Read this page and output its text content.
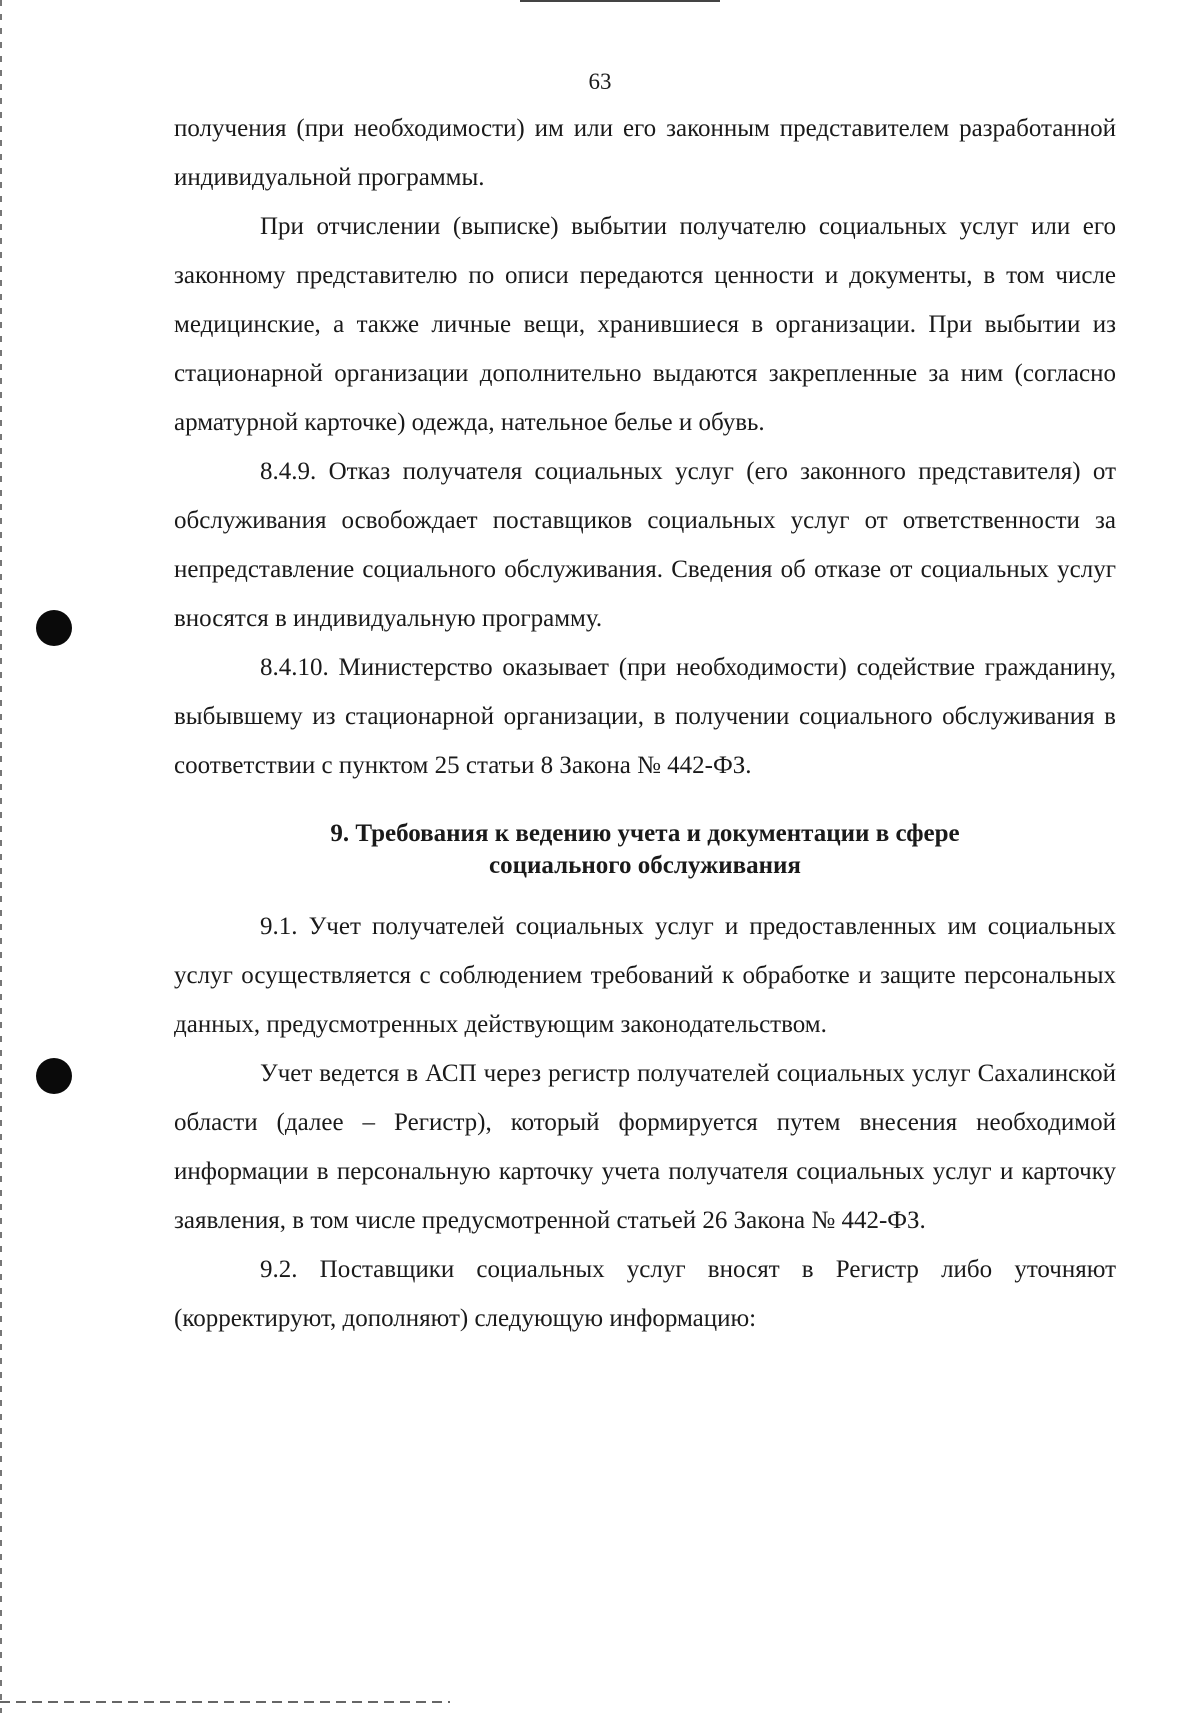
63

получения (при необходимости) им или его законным представителем разработанной индивидуальной программы.

При отчислении (выписке) выбытии получателю социальных услуг или его законному представителю по описи передаются ценности и документы, в том числе медицинские, а также личные вещи, хранившиеся в организации. При выбытии из стационарной организации дополнительно выдаются закрепленные за ним (согласно арматурной карточке) одежда, нательное белье и обувь.

8.4.9. Отказ получателя социальных услуг (его законного представителя) от обслуживания освобождает поставщиков социальных услуг от ответственности за непредставление социального обслуживания. Сведения об отказе от социальных услуг вносятся в индивидуальную программу.

8.4.10. Министерство оказывает (при необходимости) содействие гражданину, выбывшему из стационарной организации, в получении социального обслуживания в соответствии с пунктом 25 статьи 8 Закона № 442-ФЗ.

9. Требования к ведению учета и документации в сфере
социального обслуживания

9.1. Учет получателей социальных услуг и предоставленных им социальных услуг осуществляется с соблюдением требований к обработке и защите персональных данных, предусмотренных действующим законодательством.

Учет ведется в АСП через регистр получателей социальных услуг Сахалинской области (далее – Регистр), который формируется путем внесения необходимой информации в персональную карточку учета получателя социальных услуг и карточку заявления, в том числе предусмотренной статьей 26 Закона № 442-ФЗ.

9.2. Поставщики социальных услуг вносят в Регистр либо уточняют (корректируют, дополняют) следующую информацию:
